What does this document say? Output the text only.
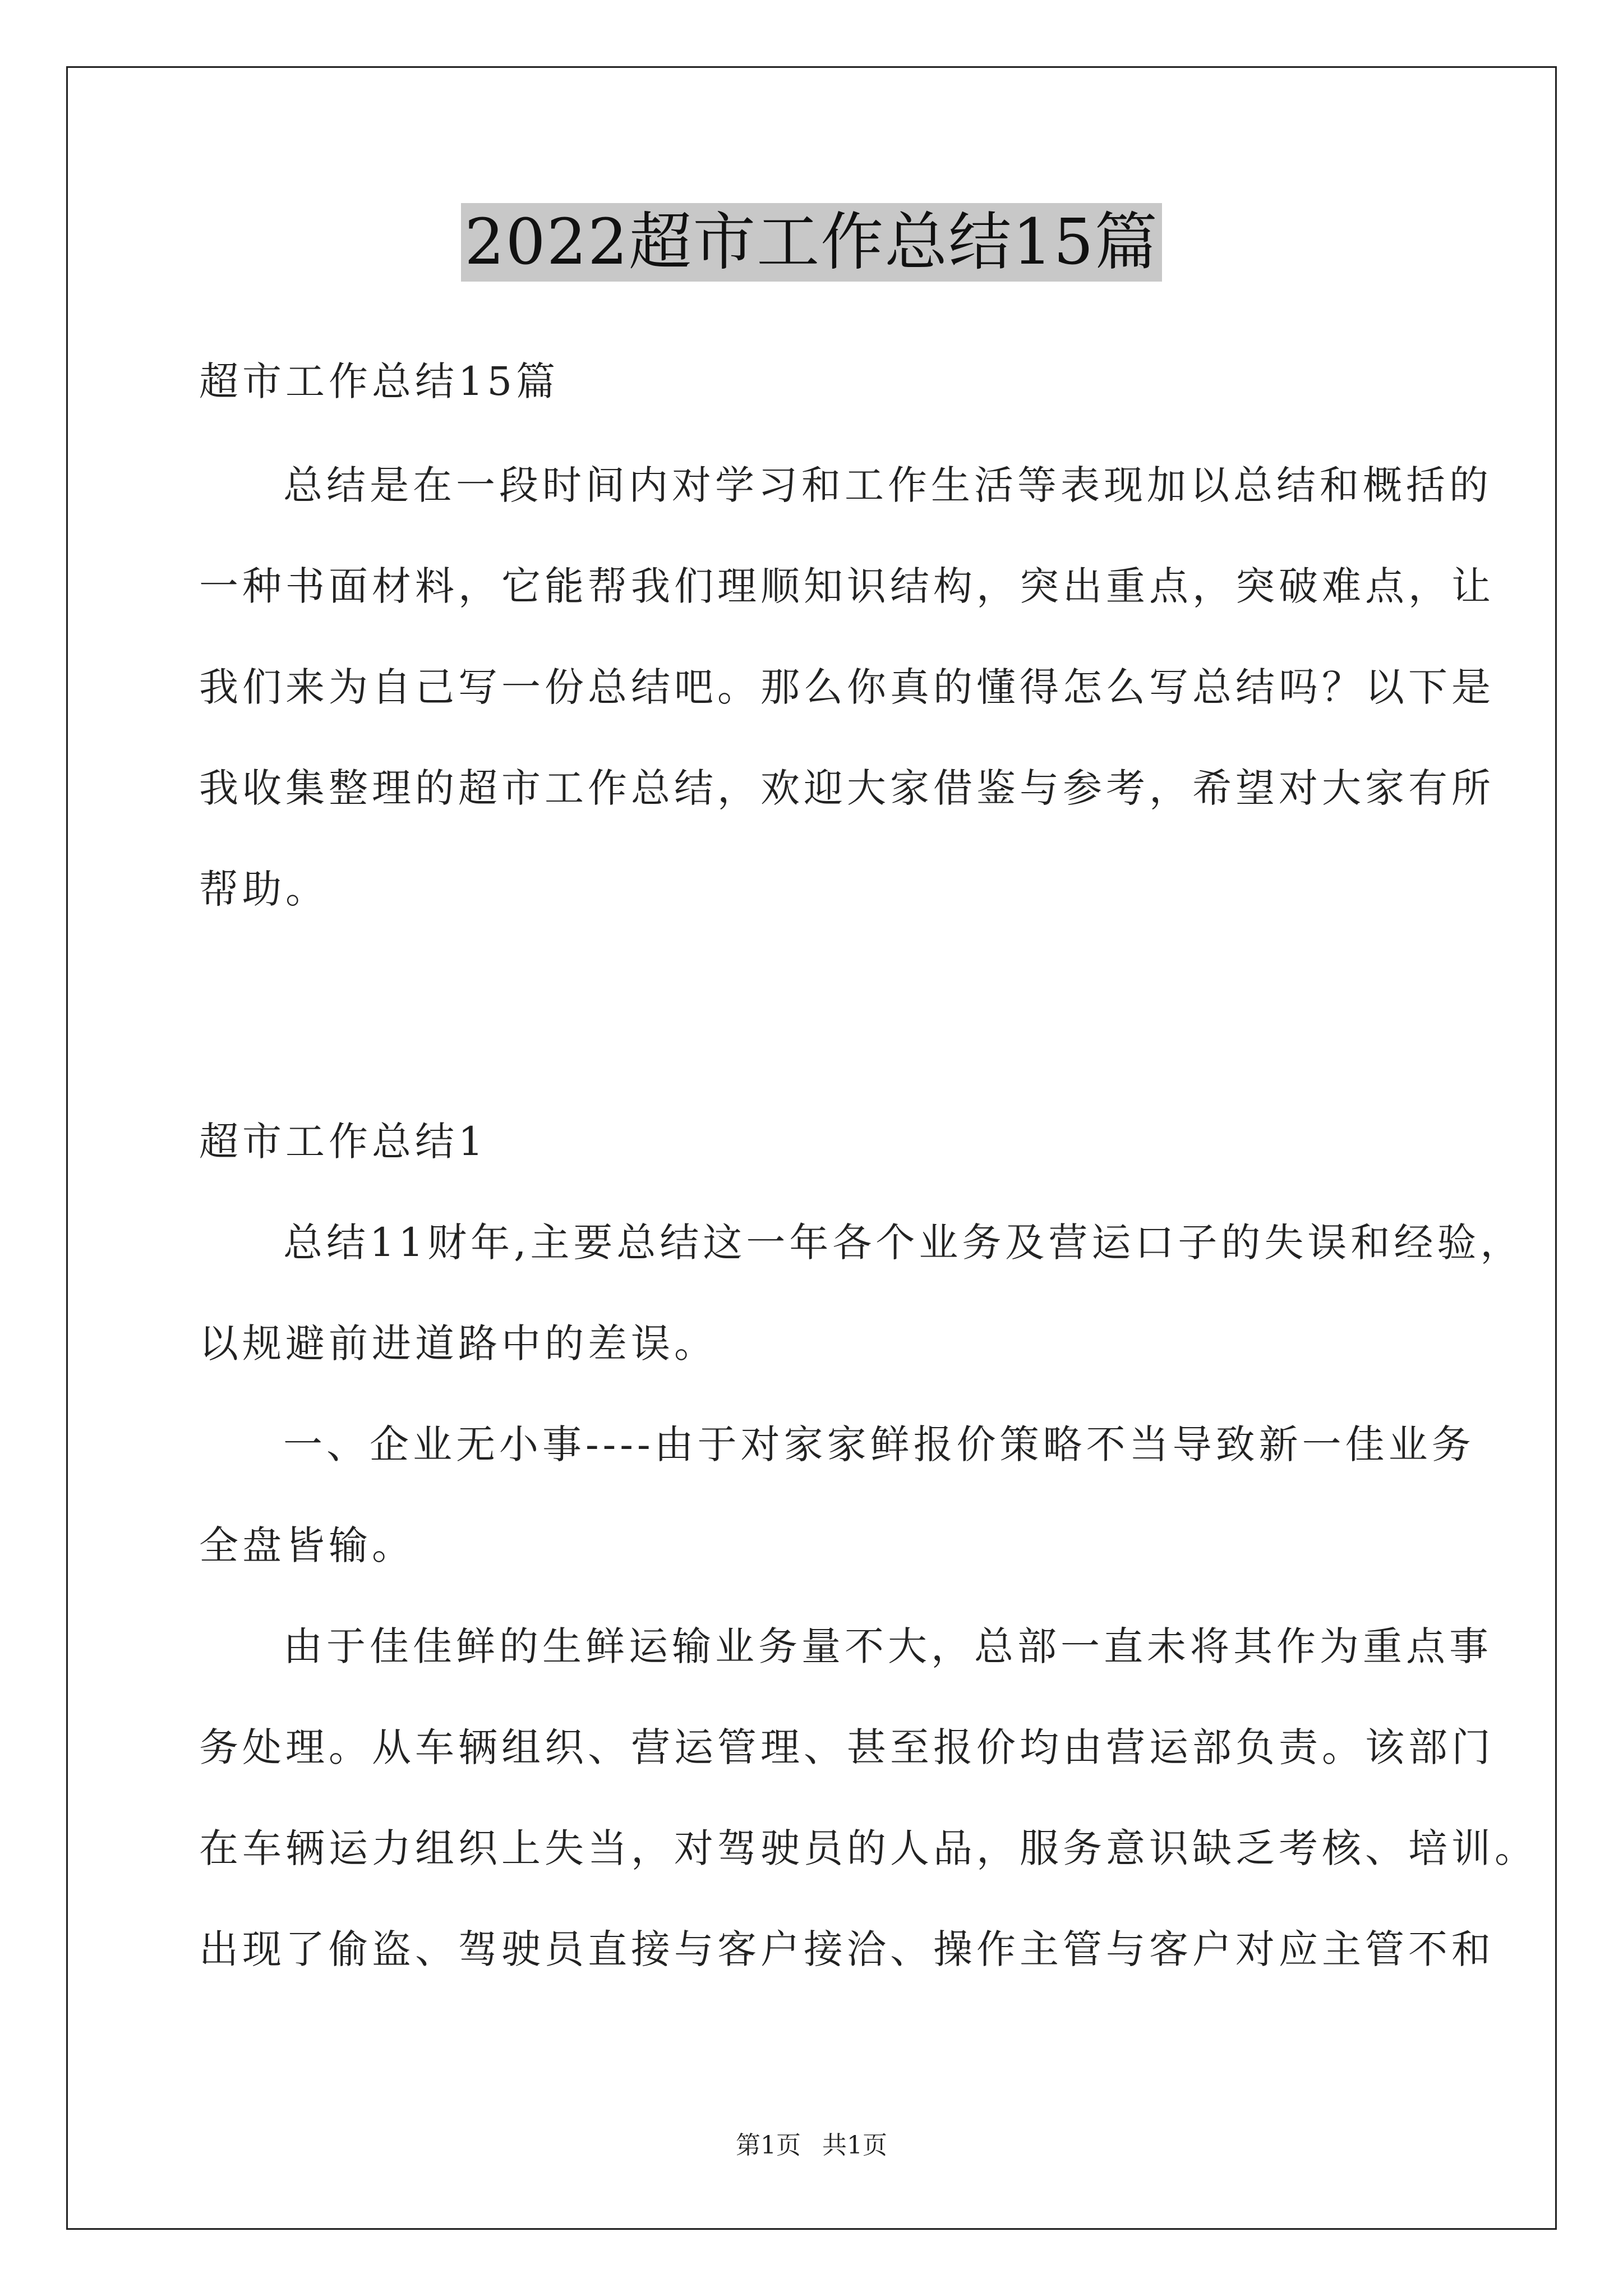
2022超市工作总结15篇
超市工作总结15篇
总结是在一段时间内对学习和工作生活等表现加以总结和概括的
一种书面材料，它能帮我们理顺知识结构，突出重点，突破难点，让
我们来为自己写一份总结吧。那么你真的懂得怎么写总结吗？以下是
我收集整理的超市工作总结，欢迎大家借鉴与参考，希望对大家有所
帮助。
超市工作总结1
总结11财年,主要总结这一年各个业务及营运口子的失误和经验，
以规避前进道路中的差误。
一、企业无小事----由于对家家鲜报价策略不当导致新一佳业务
全盘皆输。
由于佳佳鲜的生鲜运输业务量不大，总部一直未将其作为重点事
务处理。从车辆组织、营运管理、甚至报价均由营运部负责。该部门
在车辆运力组织上失当，对驾驶员的人品，服务意识缺乏考核、培训。
出现了偷盗、驾驶员直接与客户接洽、操作主管与客户对应主管不和
第1页 共1页
